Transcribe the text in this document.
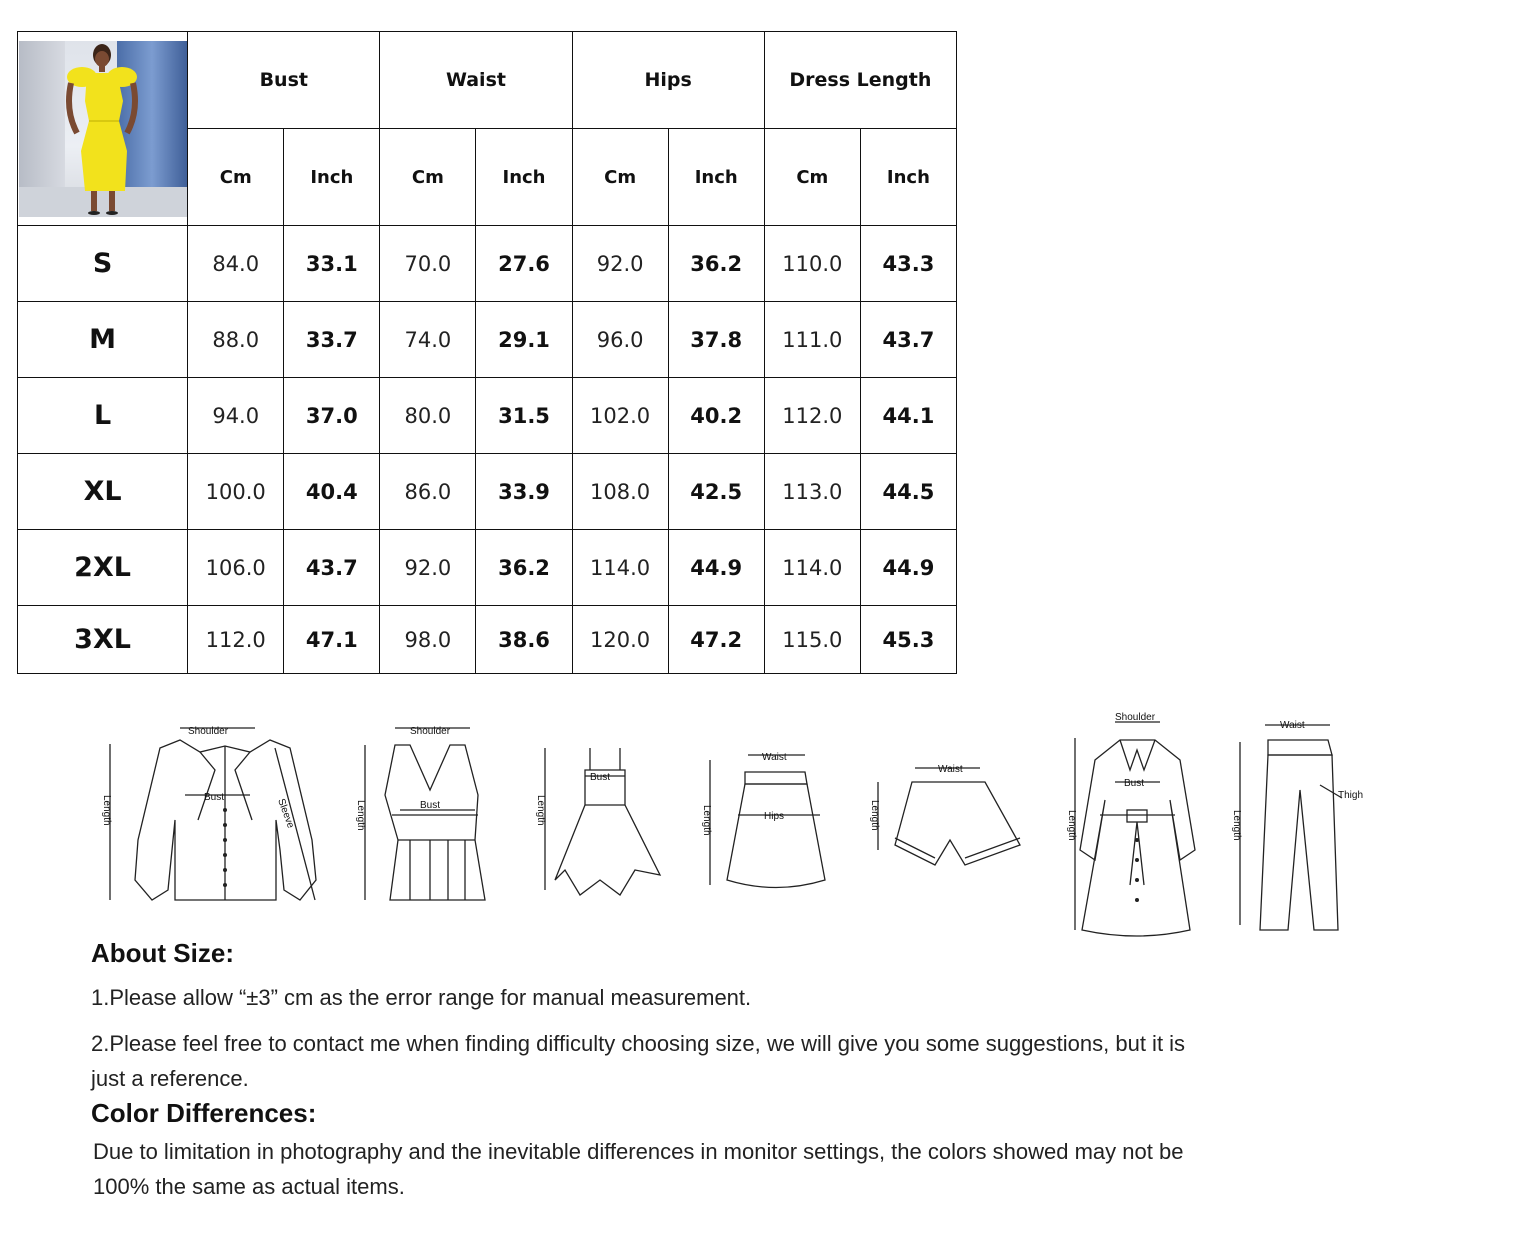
	Bust		Waist		Hips		Dress Length	
	Cm	Inch	Cm	Inch	Cm	Inch	Cm	Inch
S	84.0	33.1	70.0	27.6	92.0	36.2	110.0	43.3
M	88.0	33.7	74.0	29.1	96.0	37.8	111.0	43.7
L	94.0	37.0	80.0	31.5	102.0	40.2	112.0	44.1
XL	100.0	40.4	86.0	33.9	108.0	42.5	113.0	44.5
2XL	106.0	43.7	92.0	36.2	114.0	44.9	114.0	44.9
3XL	112.0	47.1	98.0	38.6	120.0	47.2	115.0	45.3
Shoulder
Bust
Length	Sleeve
Shoulder
Bust
Length
Bust
Length
Waist
Hips
Length
Waist
Length
Shoulder
Bust
Length
Waist
Thigh
Length
About Size:

1.Please allow “±3” cm as the error range for manual measurement.

2.Please feel free to contact me when finding difficulty choosing size, we will give you some suggestions, but it is

just a reference.

Color Differences:

Due to limitation in photography and the inevitable differences in monitor settings, the colors showed may not be

100% the same as actual items.
